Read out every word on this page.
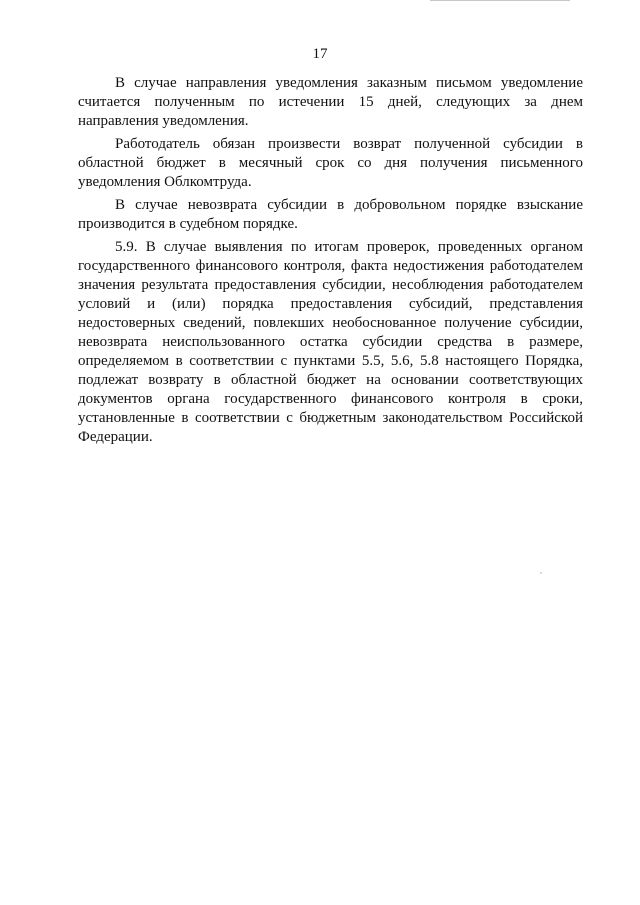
17

В случае направления уведомления заказным письмом уведомление считается полученным по истечении 15 дней, следующих за днем направления уведомления.

Работодатель обязан произвести возврат полученной субсидии в областной бюджет в месячный срок со дня получения письменного уведомления Облкомтруда.

В случае невозврата субсидии в добровольном порядке взыскание производится в судебном порядке.

5.9. В случае выявления по итогам проверок, проведенных органом государственного финансового контроля, факта недостижения работодателем значения результата предоставления субсидии, несоблюдения работодателем условий и (или) порядка предоставления субсидий, представления недостоверных сведений, повлекших необоснованное получение субсидии, невозврата неиспользованного остатка субсидии средства в размере, определяемом в соответствии с пунктами 5.5, 5.6, 5.8 настоящего Порядка, подлежат возврату в областной бюджет на основании соответствующих документов органа государственного финансового контроля в сроки, установленные в соответствии с бюджетным законодательством Российской Федерации.
